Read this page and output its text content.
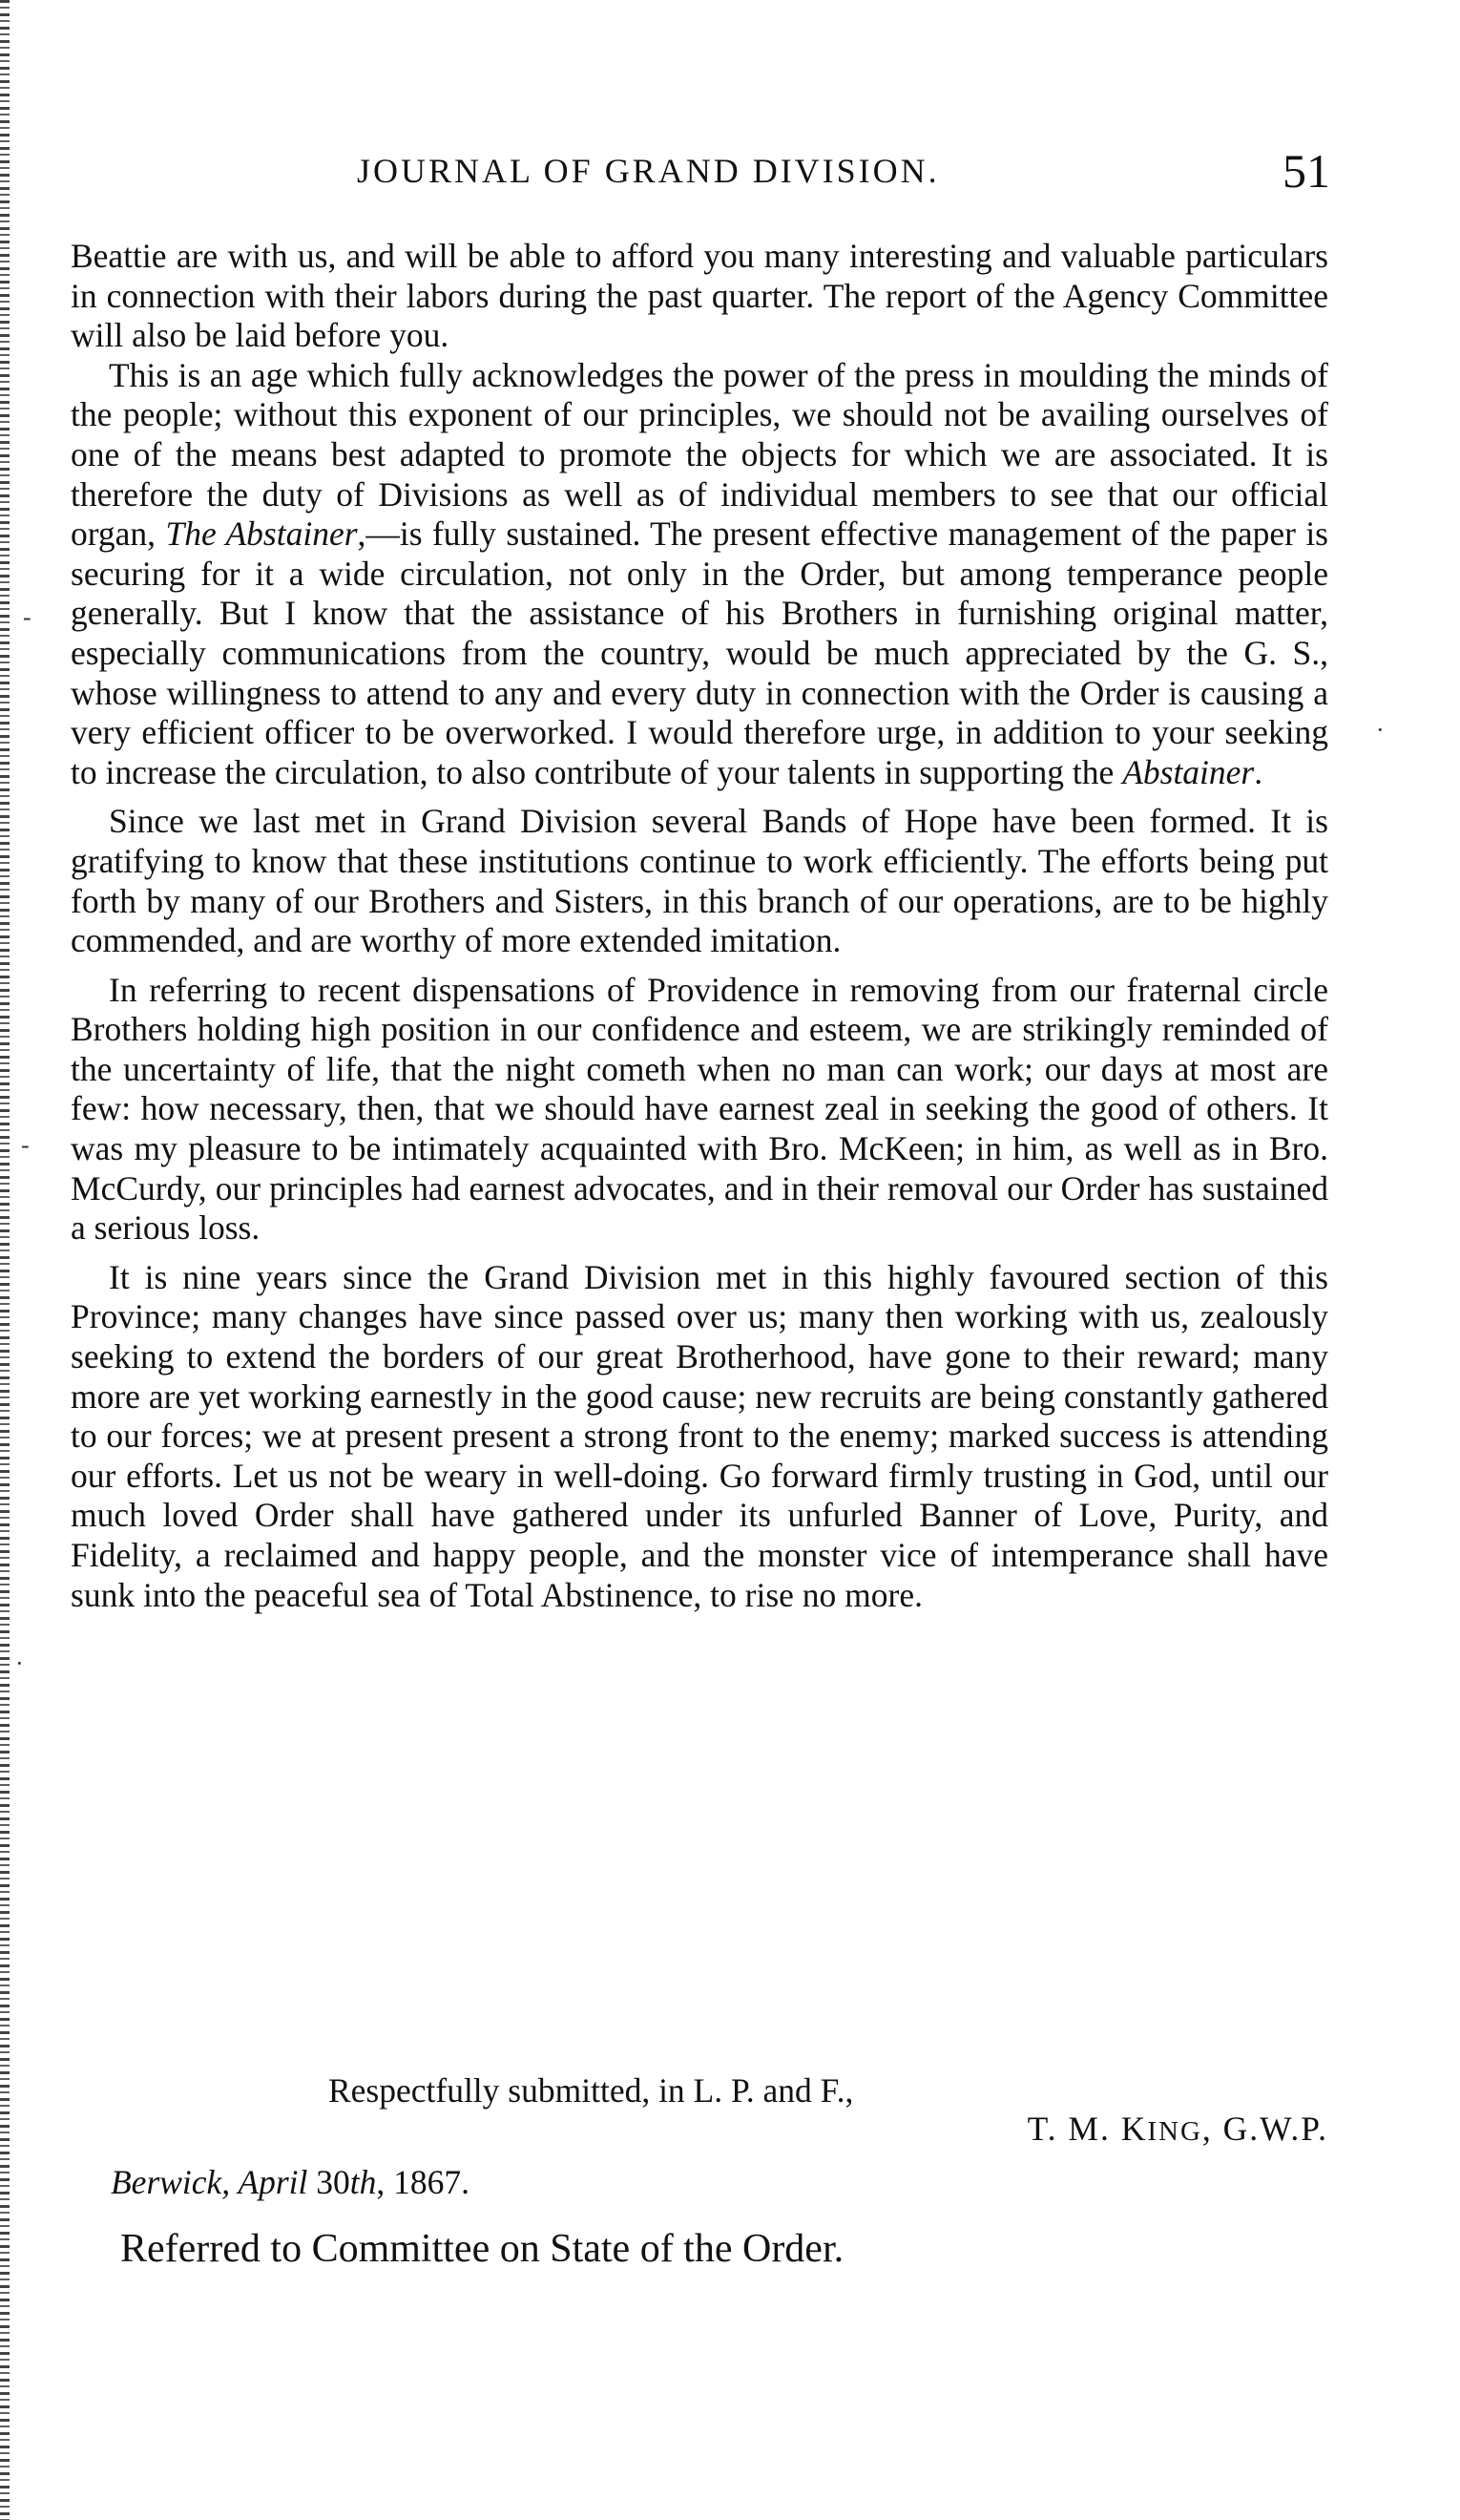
JOURNAL OF GRAND DIVISION.	51

Beattie are with us, and will be able to afford you many interesting and valuable particulars in connection with their labors during the past quarter. The report of the Agency Committee will also be laid before you.

This is an age which fully acknowledges the power of the press in moulding the minds of the people; without this exponent of our principles, we should not be availing ourselves of one of the means best adapted to promote the objects for which we are associated. It is therefore the duty of Divisions as well as of individual members to see that our official organ, The Abstainer,—is fully sustained. The present effective management of the paper is securing for it a wide circulation, not only in the Order, but among temperance people generally. But I know that the assistance of his Brothers in furnishing original matter, especially communications from the country, would be much appreciated by the G. S., whose willingness to attend to any and every duty in connection with the Order is causing a very efficient officer to be overworked. I would therefore urge, in addition to your seeking to increase the circulation, to also contribute of your talents in supporting the Abstainer.

Since we last met in Grand Division several Bands of Hope have been formed. It is gratifying to know that these institutions continue to work efficiently. The efforts being put forth by many of our Brothers and Sisters, in this branch of our operations, are to be highly commended, and are worthy of more extended imitation.

In referring to recent dispensations of Providence in removing from our fraternal circle Brothers holding high position in our confidence and esteem, we are strikingly reminded of the uncertainty of life, that the night cometh when no man can work; our days at most are few: how necessary, then, that we should have earnest zeal in seeking the good of others. It was my pleasure to be intimately acquainted with Bro. McKeen; in him, as well as in Bro. McCurdy, our principles had earnest advocates, and in their removal our Order has sustained a serious loss.

It is nine years since the Grand Division met in this highly favoured section of this Province; many changes have since passed over us; many then working with us, zealously seeking to extend the borders of our great Brotherhood, have gone to their reward; many more are yet working earnestly in the good cause; new recruits are being constantly gathered to our forces; we at present present a strong front to the enemy; marked success is attending our efforts. Let us not be weary in well-doing. Go forward firmly trusting in God, until our much loved Order shall have gathered under its unfurled Banner of Love, Purity, and Fidelity, a reclaimed and happy people, and the monster vice of intemperance shall have sunk into the peaceful sea of Total Abstinence, to rise no more.

Respectfully submitted, in L. P. and F.,
T. M. KING, G.W.P.
Berwick, April 30th, 1867.
Referred to Committee on State of the Order.
-
·
-
·
